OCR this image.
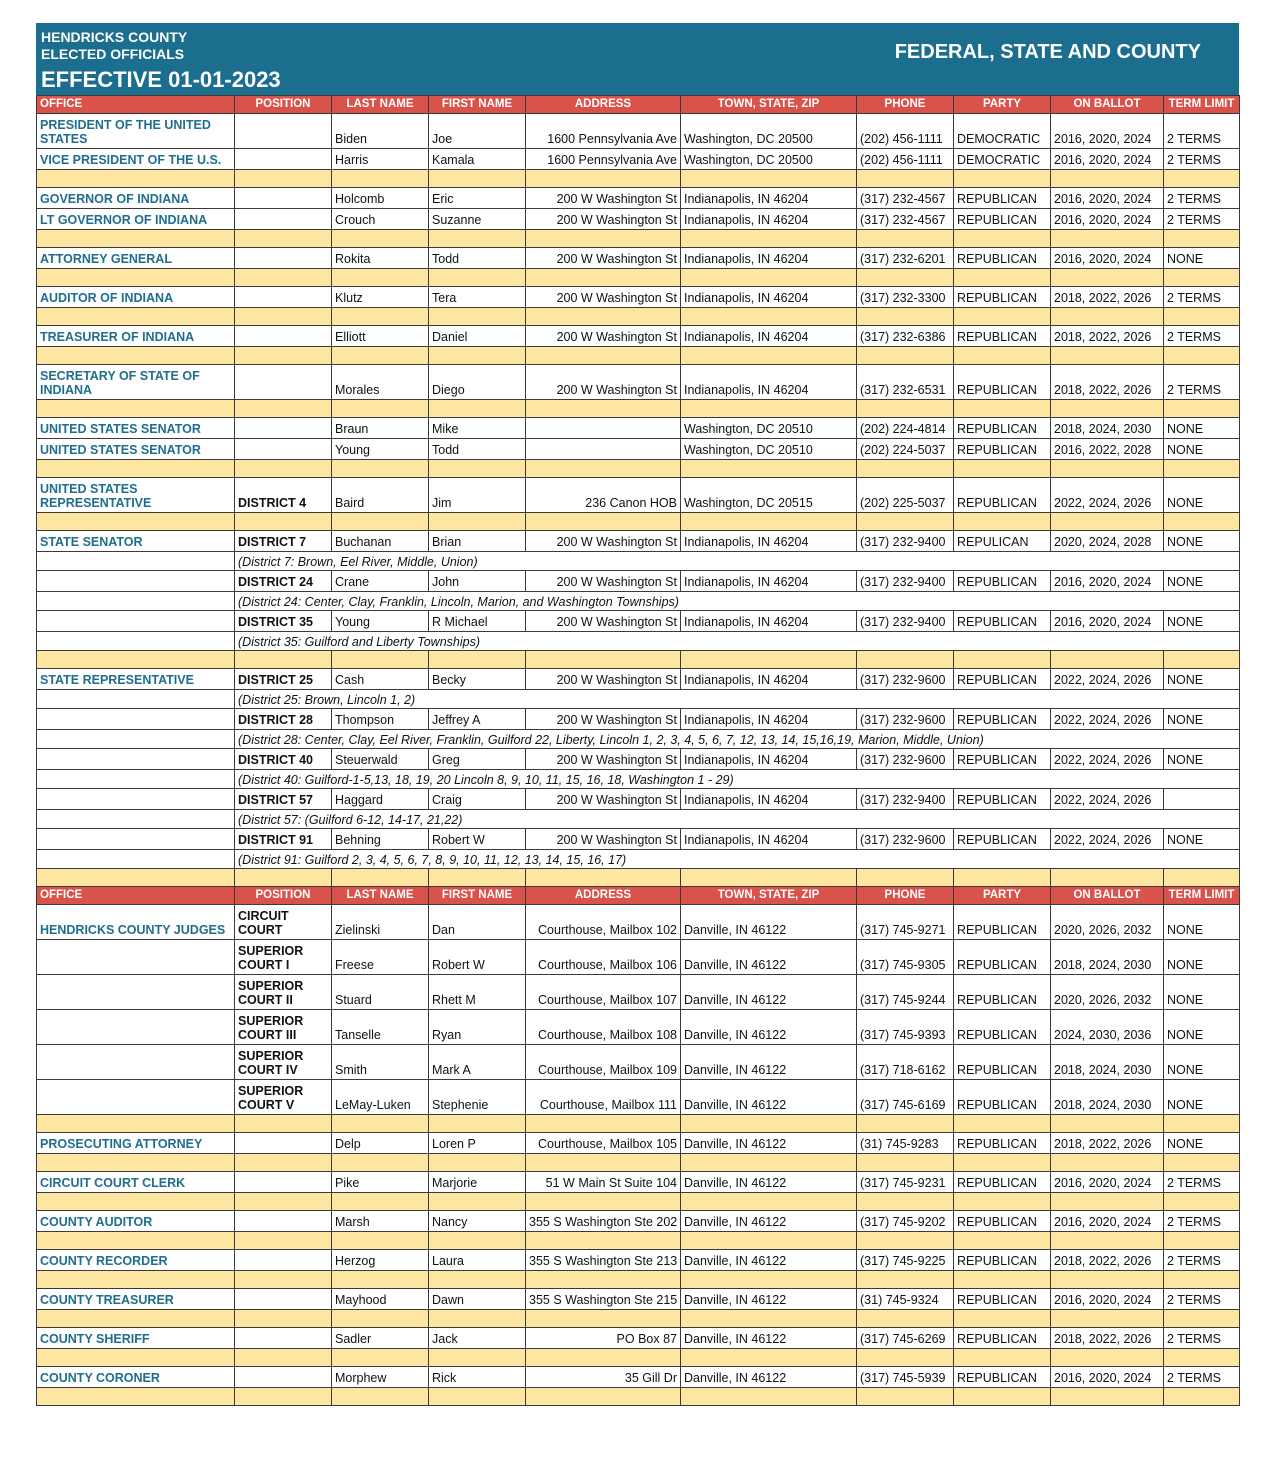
HENDRICKS COUNTY
ELECTED OFFICIALS
EFFECTIVE 01-01-2023
FEDERAL, STATE AND COUNTY
OFFICE	POSITION	LAST NAME	FIRST NAME	ADDRESS	TOWN, STATE, ZIP	PHONE	PARTY	ON BALLOT	TERM LIMIT
PRESIDENT OF THE UNITED STATES		Biden	Joe	1600 Pennsylvania Ave	Washington, DC 20500	(202) 456-1111	DEMOCRATIC	2016, 2020, 2024	2 TERMS
VICE PRESIDENT OF THE U.S.		Harris	Kamala	1600 Pennsylvania Ave	Washington, DC 20500	(202) 456-1111	DEMOCRATIC	2016, 2020, 2024	2 TERMS

GOVERNOR OF INDIANA		Holcomb	Eric	200 W Washington St	Indianapolis, IN 46204	(317) 232-4567	REPUBLICAN	2016, 2020, 2024	2 TERMS
LT GOVERNOR OF INDIANA		Crouch	Suzanne	200 W Washington St	Indianapolis, IN 46204	(317) 232-4567	REPUBLICAN	2016, 2020, 2024	2 TERMS

ATTORNEY GENERAL		Rokita	Todd	200 W Washington St	Indianapolis, IN 46204	(317) 232-6201	REPUBLICAN	2016, 2020, 2024	NONE

AUDITOR OF INDIANA		Klutz	Tera	200 W Washington St	Indianapolis, IN 46204	(317) 232-3300	REPUBLICAN	2018, 2022, 2026	2 TERMS

TREASURER OF INDIANA		Elliott	Daniel	200 W Washington St	Indianapolis, IN 46204	(317) 232-6386	REPUBLICAN	2018, 2022, 2026	2 TERMS

SECRETARY OF STATE OF INDIANA		Morales	Diego	200 W Washington St	Indianapolis, IN 46204	(317) 232-6531	REPUBLICAN	2018, 2022, 2026	2 TERMS

UNITED STATES SENATOR		Braun	Mike		Washington, DC 20510	(202) 224-4814	REPUBLICAN	2018, 2024, 2030	NONE
UNITED STATES SENATOR		Young	Todd		Washington, DC 20510	(202) 224-5037	REPUBLICAN	2016, 2022, 2028	NONE

UNITED STATES REPRESENTATIVE	DISTRICT 4	Baird	Jim	236 Canon HOB	Washington, DC 20515	(202) 225-5037	REPUBLICAN	2022, 2024, 2026	NONE

STATE SENATOR	DISTRICT 7	Buchanan	Brian	200 W Washington St	Indianapolis, IN 46204	(317) 232-9400	REPULICAN	2020, 2024, 2028	NONE
	(District 7: Brown, Eel River, Middle, Union)								
	DISTRICT 24	Crane	John	200 W Washington St	Indianapolis, IN 46204	(317) 232-9400	REPUBLICAN	2016, 2020, 2024	NONE
	(District 24: Center, Clay, Franklin, Lincoln, Marion, and Washington Townships)								
	DISTRICT 35	Young	R Michael	200 W Washington St	Indianapolis, IN 46204	(317) 232-9400	REPUBLICAN	2016, 2020, 2024	NONE
	(District 35: Guilford and Liberty Townships)								

STATE REPRESENTATIVE	DISTRICT 25	Cash	Becky	200 W Washington St	Indianapolis, IN 46204	(317) 232-9600	REPUBLICAN	2022, 2024, 2026	NONE
	(District 25: Brown, Lincoln 1, 2)								
	DISTRICT 28	Thompson	Jeffrey A	200 W Washington St	Indianapolis, IN 46204	(317) 232-9600	REPUBLICAN	2022, 2024, 2026	NONE
	(District 28: Center, Clay, Eel River, Franklin, Guilford 22, Liberty, Lincoln 1, 2, 3, 4, 5, 6, 7, 12, 13, 14, 15,16,19, Marion, Middle, Union)								
	DISTRICT 40	Steuerwald	Greg	200 W Washington St	Indianapolis, IN 46204	(317) 232-9600	REPUBLICAN	2022, 2024, 2026	NONE
	(District 40: Guilford-1-5,13, 18, 19, 20 Lincoln 8, 9, 10, 11, 15, 16, 18, Washington 1 - 29)								
	DISTRICT 57	Haggard	Craig	200 W Washington St	Indianapolis, IN 46204	(317) 232-9400	REPUBLICAN	2022, 2024, 2026	
	(District 57: (Guilford 6-12, 14-17, 21,22)								
	DISTRICT 91	Behning	Robert W	200 W Washington St	Indianapolis, IN 46204	(317) 232-9600	REPUBLICAN	2022, 2024, 2026	NONE
	(District 91: Guilford 2, 3, 4, 5, 6, 7, 8, 9, 10, 11, 12, 13, 14, 15, 16, 17)								

OFFICE	POSITION	LAST NAME	FIRST NAME	ADDRESS	TOWN, STATE, ZIP	PHONE	PARTY	ON BALLOT	TERM LIMIT
HENDRICKS COUNTY JUDGES	CIRCUIT COURT	Zielinski	Dan	Courthouse, Mailbox 102	Danville, IN 46122	(317) 745-9271	REPUBLICAN	2020, 2026, 2032	NONE
	SUPERIOR COURT I	Freese	Robert W	Courthouse, Mailbox 106	Danville, IN 46122	(317) 745-9305	REPUBLICAN	2018, 2024, 2030	NONE
	SUPERIOR COURT II	Stuard	Rhett M	Courthouse, Mailbox 107	Danville, IN 46122	(317) 745-9244	REPUBLICAN	2020, 2026, 2032	NONE
	SUPERIOR COURT III	Tanselle	Ryan	Courthouse, Mailbox 108	Danville, IN 46122	(317) 745-9393	REPUBLICAN	2024, 2030, 2036	NONE
	SUPERIOR COURT IV	Smith	Mark A	Courthouse, Mailbox 109	Danville, IN 46122	(317) 718-6162	REPUBLICAN	2018, 2024, 2030	NONE
	SUPERIOR COURT V	LeMay-Luken	Stephenie	Courthouse, Mailbox 111	Danville, IN 46122	(317) 745-6169	REPUBLICAN	2018, 2024, 2030	NONE

PROSECUTING ATTORNEY		Delp	Loren P	Courthouse, Mailbox 105	Danville, IN 46122	(31) 745-9283	REPUBLICAN	2018, 2022, 2026	NONE

CIRCUIT COURT CLERK		Pike	Marjorie	51 W Main St Suite 104	Danville, IN 46122	(317) 745-9231	REPUBLICAN	2016, 2020, 2024	2 TERMS

COUNTY AUDITOR		Marsh	Nancy	355 S Washington Ste 202	Danville, IN 46122	(317) 745-9202	REPUBLICAN	2016, 2020, 2024	2 TERMS

COUNTY RECORDER		Herzog	Laura	355 S Washington Ste 213	Danville, IN 46122	(317) 745-9225	REPUBLICAN	2018, 2022, 2026	2 TERMS

COUNTY TREASURER		Mayhood	Dawn	355 S Washington Ste 215	Danville, IN 46122	(31) 745-9324	REPUBLICAN	2016, 2020, 2024	2 TERMS

COUNTY SHERIFF		Sadler	Jack	PO Box 87	Danville, IN 46122	(317) 745-6269	REPUBLICAN	2018, 2022, 2026	2 TERMS

COUNTY CORONER		Morphew	Rick	35 Gill Dr	Danville, IN 46122	(317) 745-5939	REPUBLICAN	2016, 2020, 2024	2 TERMS
